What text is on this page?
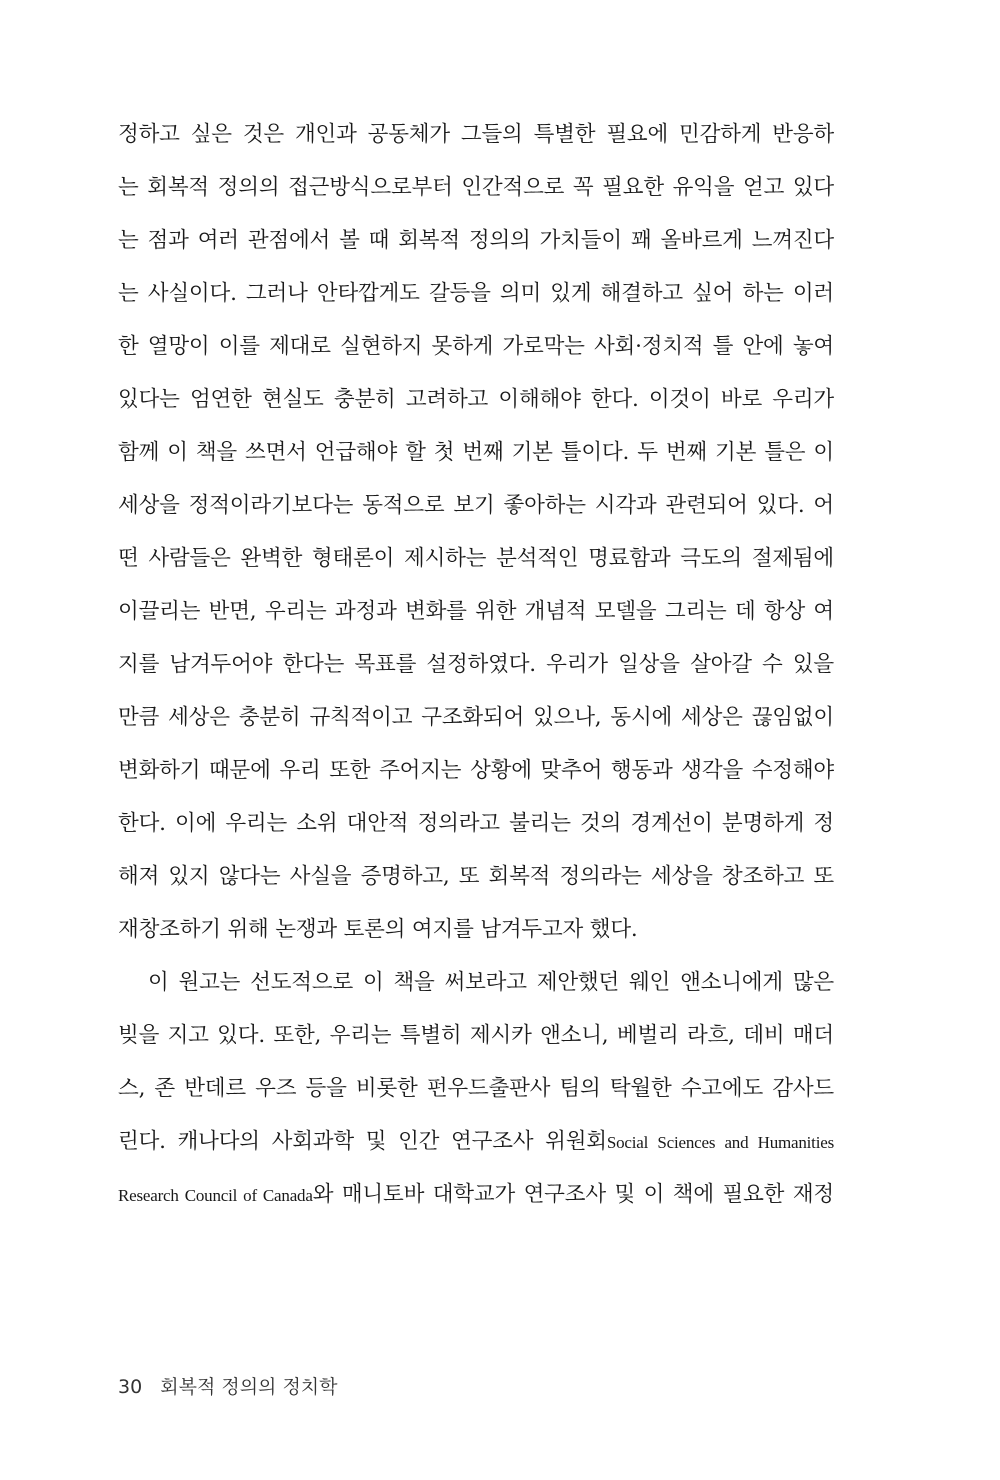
정하고 싶은 것은 개인과 공동체가 그들의 특별한 필요에 민감하게 반응하
는 회복적 정의의 접근방식으로부터 인간적으로 꼭 필요한 유익을 얻고 있다
는 점과 여러 관점에서 볼 때 회복적 정의의 가치들이 꽤 올바르게 느껴진다
는 사실이다. 그러나 안타깝게도 갈등을 의미 있게 해결하고 싶어 하는 이러
한 열망이 이를 제대로 실현하지 못하게 가로막는 사회·정치적 틀 안에 놓여
있다는 엄연한 현실도 충분히 고려하고 이해해야 한다. 이것이 바로 우리가
함께 이 책을 쓰면서 언급해야 할 첫 번째 기본 틀이다. 두 번째 기본 틀은 이
세상을 정적이라기보다는 동적으로 보기 좋아하는 시각과 관련되어 있다. 어
떤 사람들은 완벽한 형태론이 제시하는 분석적인 명료함과 극도의 절제됨에
이끌리는 반면, 우리는 과정과 변화를 위한 개념적 모델을 그리는 데 항상 여
지를 남겨두어야 한다는 목표를 설정하였다. 우리가 일상을 살아갈 수 있을
만큼 세상은 충분히 규칙적이고 구조화되어 있으나, 동시에 세상은 끊임없이
변화하기 때문에 우리 또한 주어지는 상황에 맞추어 행동과 생각을 수정해야
한다. 이에 우리는 소위 대안적 정의라고 불리는 것의 경계선이 분명하게 정
해져 있지 않다는 사실을 증명하고, 또 회복적 정의라는 세상을 창조하고 또
재창조하기 위해 논쟁과 토론의 여지를 남겨두고자 했다.
이 원고는 선도적으로 이 책을 써보라고 제안했던 웨인 앤소니에게 많은
빚을 지고 있다. 또한, 우리는 특별히 제시카 앤소니, 베벌리 라흐, 데비 매더
스, 존 반데르 우즈 등을 비롯한 펀우드출판사 팀의 탁월한 수고에도 감사드
린다. 캐나다의 사회과학 및 인간 연구조사 위원회Social Sciences and Humanities
Research Council of Canada와 매니토바 대학교가 연구조사 및 이 책에 필요한 재정
30 회복적 정의의 정치학
